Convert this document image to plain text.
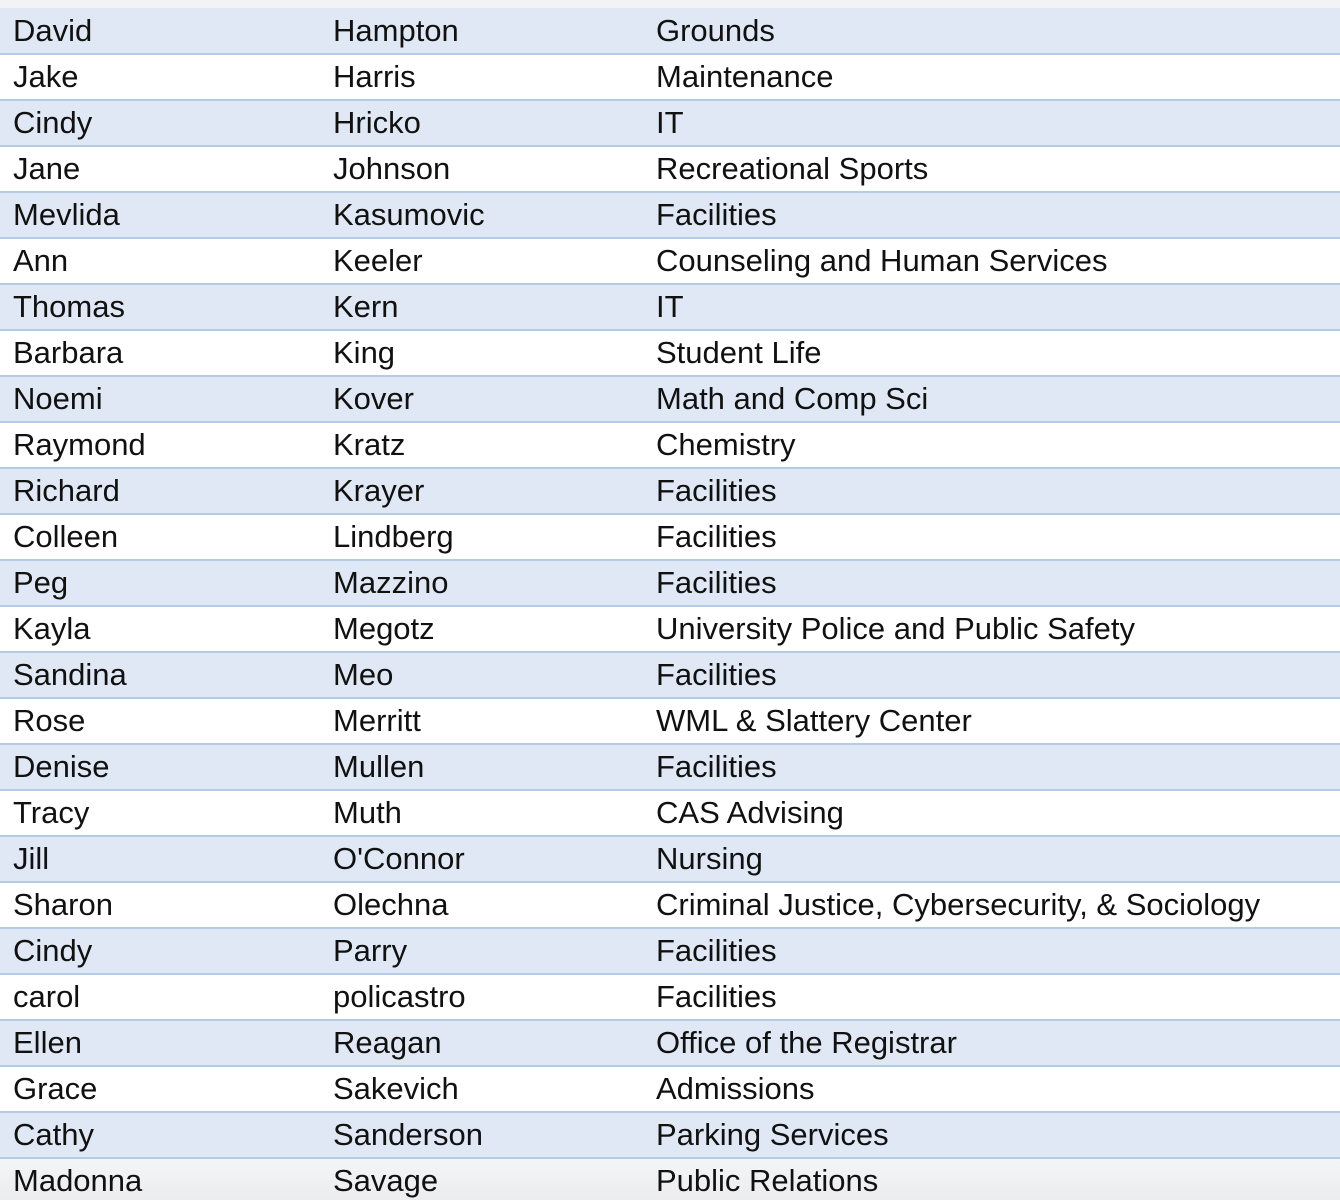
David	Hampton	Grounds
Jake	Harris	Maintenance
Cindy	Hricko	IT
Jane	Johnson	Recreational Sports
Mevlida	Kasumovic	Facilities
Ann	Keeler	Counseling and Human Services
Thomas	Kern	IT
Barbara	King	Student Life
Noemi	Kover	Math and Comp Sci
Raymond	Kratz	Chemistry
Richard	Krayer	Facilities
Colleen	Lindberg	Facilities
Peg	Mazzino	Facilities
Kayla	Megotz	University Police and Public Safety
Sandina	Meo	Facilities
Rose	Merritt	WML & Slattery Center
Denise	Mullen	Facilities
Tracy	Muth	CAS Advising
Jill	O'Connor	Nursing
Sharon	Olechna	Criminal Justice, Cybersecurity, & Sociology
Cindy	Parry	Facilities
carol	policastro	Facilities
Ellen	Reagan	Office of the Registrar
Grace	Sakevich	Admissions
Cathy	Sanderson	Parking Services
Madonna	Savage	Public Relations
